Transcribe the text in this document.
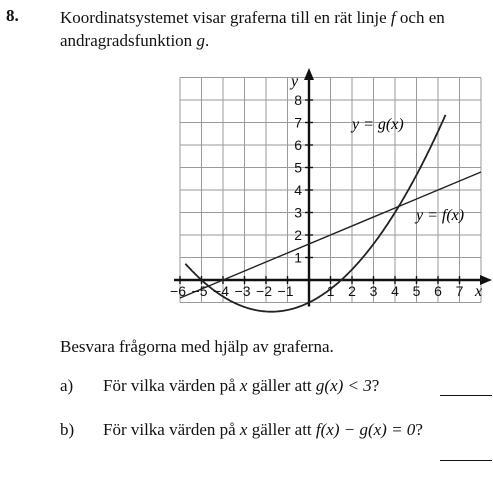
8. Koordinatsystemet visar graferna till en rät linje f och en andragradsfunktion g.
−6 −5 −4 −3 −2 −1 1 2 3 4 5 6 7
1
2
3
4
5
6
7
8
y = g(x)
y = f(x)
x
y
Besvara frågorna med hjälp av graferna.
a) För vilka värden på x gäller att g(x) < 3?
b) För vilka värden på x gäller att f(x) − g(x) = 0?
